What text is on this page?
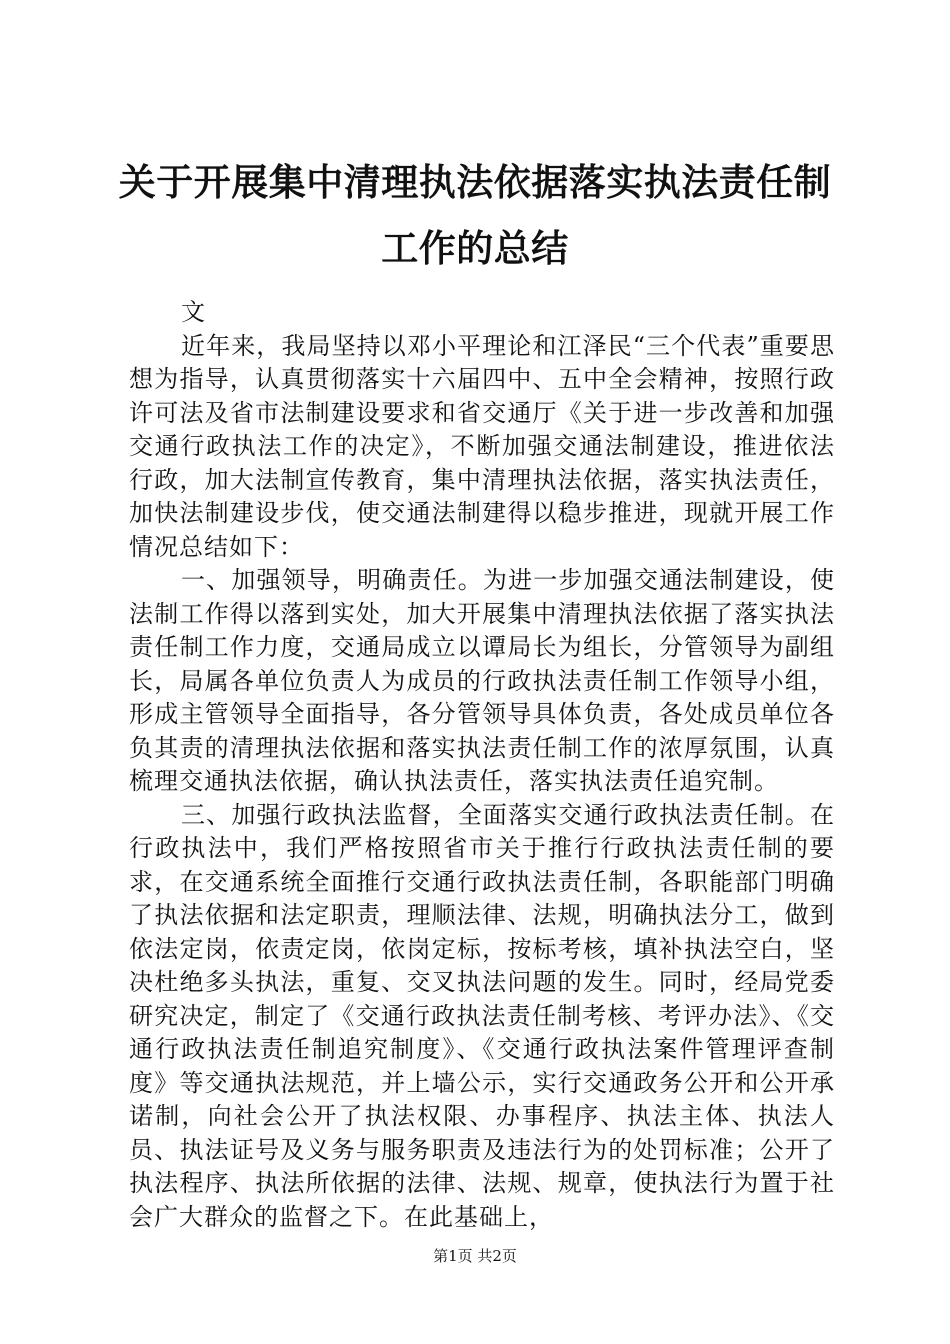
关于开展集中清理执法依据落实执法责任制工作的总结

文

近年来，我局坚持以邓小平理论和江泽民“三个代表”重要思想为指导，认真贯彻落实十六届四中、五中全会精神，按照行政许可法及省市法制建设要求和省交通厅《关于进一步改善和加强交通行政执法工作的决定》，不断加强交通法制建设，推进依法行政，加大法制宣传教育，集中清理执法依据，落实执法责任，加快法制建设步伐，使交通法制建得以稳步推进，现就开展工作情况总结如下：

一、加强领导，明确责任。为进一步加强交通法制建设，使法制工作得以落到实处，加大开展集中清理执法依据了落实执法责任制工作力度，交通局成立以谭局长为组长，分管领导为副组长，局属各单位负责人为成员的行政执法责任制工作领导小组，形成主管领导全面指导，各分管领导具体负责，各处成员单位各负其责的清理执法依据和落实执法责任制工作的浓厚氛围，认真梳理交通执法依据，确认执法责任，落实执法责任追究制。

三、加强行政执法监督，全面落实交通行政执法责任制。在行政执法中，我们严格按照省市关于推行行政执法责任制的要求，在交通系统全面推行交通行政执法责任制，各职能部门明确了执法依据和法定职责，理顺法律、法规，明确执法分工，做到依法定岗，依责定岗，依岗定标，按标考核，填补执法空白，坚决杜绝多头执法，重复、交叉执法问题的发生。同时，经局党委研究决定，制定了《交通行政执法责任制考核、考评办法》、《交通行政执法责任制追究制度》、《交通行政执法案件管理评查制度》等交通执法规范，并上墙公示，实行交通政务公开和公开承诺制，向社会公开了执法权限、办事程序、执法主体、执法人员、执法证号及义务与服务职责及违法行为的处罚标准；公开了执法程序、执法所依据的法律、法规、规章，使执法行为置于社会广大群众的监督之下。在此基础上，

第1页 共2页
